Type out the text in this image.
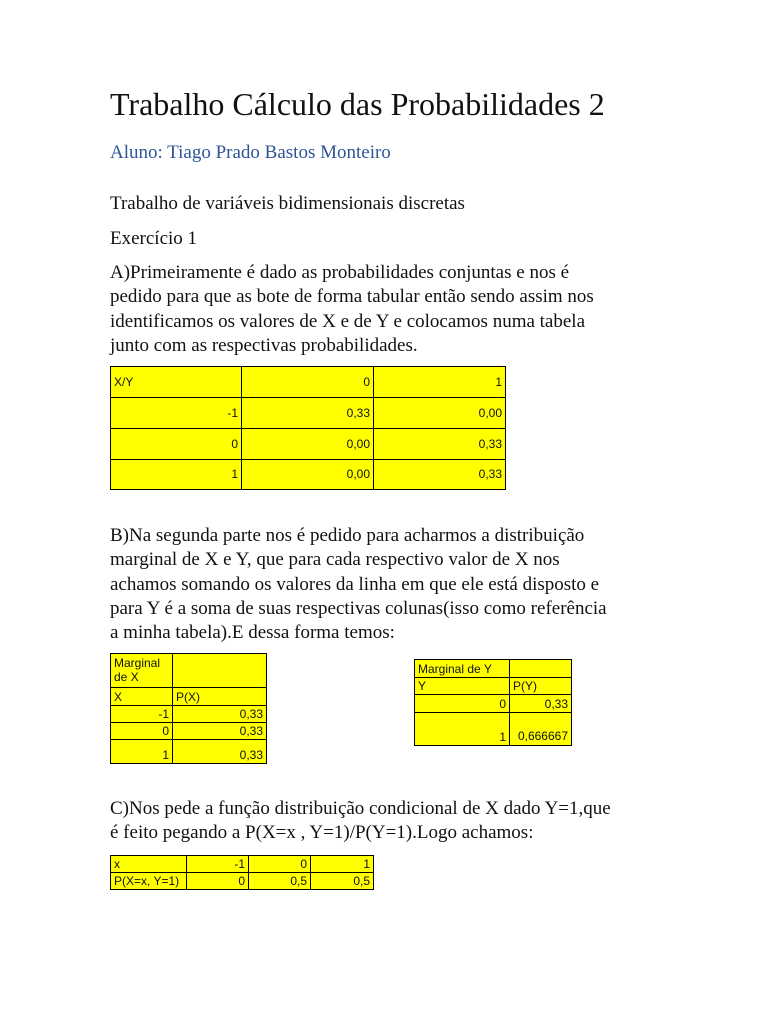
Trabalho Cálculo das Probabilidades 2
Aluno: Tiago Prado Bastos Monteiro
Trabalho de variáveis bidimensionais discretas
Exercício 1
A)Primeiramente é dado as probabilidades conjuntas e nos é
pedido para que as bote de forma tabular então sendo assim nos
identificamos os valores de X e de Y e colocamos numa tabela
junto com as respectivas probabilidades.
X/Y	0	1
-1	0,33	0,00
0	0,00	0,33
1	0,00	0,33
B)Na segunda parte nos é pedido para acharmos a distribuição
marginal de X e Y, que para cada respectivo valor de X nos
achamos somando os valores da linha em que ele está disposto e
para Y é a soma de suas respectivas colunas(isso como referência
a minha tabela).E dessa forma temos:
Marginal de X	
X	P(X)
-1	0,33
0	0,33
1	0,33
Marginal de Y	
Y	P(Y)
0	0,33
1	0,666667
C)Nos pede a função distribuição condicional de X dado Y=1,que
é feito pegando a P(X=x , Y=1)/P(Y=1).Logo achamos:
x	-1	0	1
P(X=x, Y=1)	0	0,5	0,5
